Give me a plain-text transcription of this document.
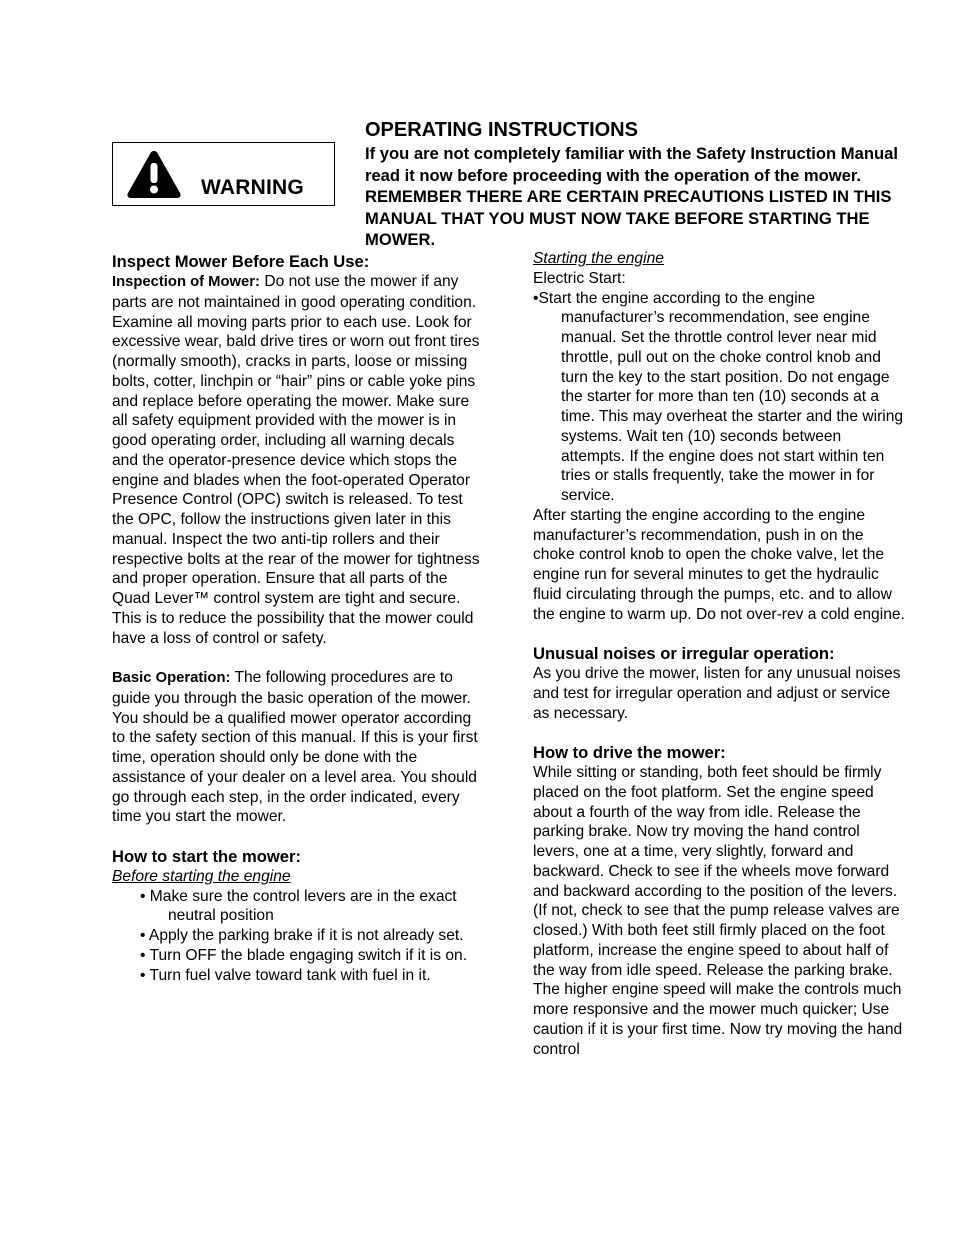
WARNING
OPERATING INSTRUCTIONS
If you are not completely familiar with the Safety Instruction Manual read it now before proceeding with the operation of the mower. REMEMBER THERE ARE CERTAIN PRECAUTIONS LISTED IN THIS MANUAL THAT YOU MUST NOW TAKE BEFORE STARTING THE MOWER.

Inspect Mower Before Each Use:

Inspection of Mower: Do not use the mower if any parts are not maintained in good operating condition. Examine all moving parts prior to each use. Look for excessive wear, bald drive tires or worn out front tires (normally smooth), cracks in parts, loose or missing bolts, cotter, linchpin or “hair” pins or cable yoke pins and replace before operating the mower. Make sure all safety equipment provided with the mower is in good operating order, including all warning decals and the operator-presence device which stops the engine and blades when the foot-operated Operator Presence Control (OPC) switch is released. To test the OPC, follow the instructions given later in this manual. Inspect the two anti-tip rollers and their respective bolts at the rear of the mower for tightness and proper operation. Ensure that all parts of the Quad Lever™ control system are tight and secure. This is to reduce the possibility that the mower could have a loss of control or safety.

Basic Operation: The following procedures are to guide you through the basic operation of the mower. You should be a qualified mower operator according to the safety section of this manual. If this is your first time, operation should only be done with the assistance of your dealer on a level area. You should go through each step, in the order indicated, every time you start the mower.

How to start the mower:

Before starting the engine

• Make sure the control levers are in the exact neutral position

• Apply the parking brake if it is not already set.

• Turn OFF the blade engaging switch if it is on.

• Turn fuel valve toward tank with fuel in it.

Starting the engine

Electric Start:

•Start the engine according to the engine manufacturer’s recommendation, see engine manual. Set the throttle control lever near mid throttle, pull out on the choke control knob and turn the key to the start position. Do not engage the starter for more than ten (10) seconds at a time. This may overheat the starter and the wiring systems. Wait ten (10) seconds between attempts. If the engine does not start within ten tries or stalls frequently, take the mower in for service.

After starting the engine according to the engine manufacturer’s recommendation, push in on the choke control knob to open the choke valve, let the engine run for several minutes to get the hydraulic fluid circulating through the pumps, etc. and to allow the engine to warm up. Do not over-rev a cold engine.

Unusual noises or irregular operation:

As you drive the mower, listen for any unusual noises and test for irregular operation and adjust or service as necessary.

How to drive the mower:

While sitting or standing, both feet should be firmly placed on the foot platform. Set the engine speed about a fourth of the way from idle. Release the parking brake. Now try moving the hand control levers, one at a time, very slightly, forward and backward. Check to see if the wheels move forward and backward according to the position of the levers. (If not, check to see that the pump release valves are closed.) With both feet still firmly placed on the foot platform, increase the engine speed to about half of the way from idle speed. Release the parking brake. The higher engine speed will make the controls much more responsive and the mower much quicker; Use caution if it is your first time. Now try moving the hand control
